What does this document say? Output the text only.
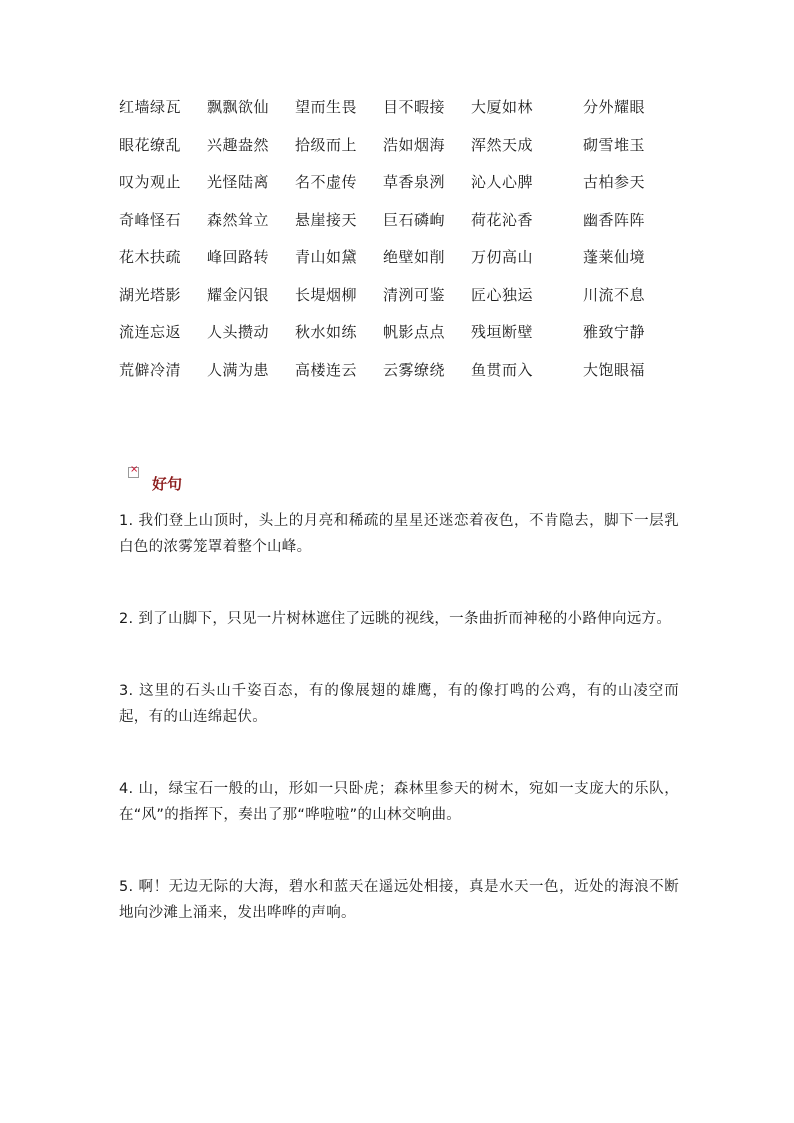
红墙绿瓦 飘飘欲仙 望而生畏 目不暇接 大厦如林	分外耀眼
眼花缭乱 兴趣盎然 拾级而上 浩如烟海 浑然天成	砌雪堆玉
叹为观止 光怪陆离 名不虚传 草香泉洌 沁人心脾	古柏参天
奇峰怪石 森然耸立 悬崖接天 巨石磷峋 荷花沁香	幽香阵阵
花木扶疏 峰回路转 青山如黛 绝壁如削 万仞高山	蓬莱仙境
湖光塔影 耀金闪银 长堤烟柳 清洌可鉴 匠心独运	川流不息
流连忘返 人头攒动 秋水如练 帆影点点 残垣断壁	雅致宁静
荒僻冷清 人满为患 高楼连云 云雾缭绕 鱼贯而入	大饱眼福
×
好句

1. 我们登上山顶时，头上的月亮和稀疏的星星还迷恋着夜色，不肯隐去，脚下一层乳白色的浓雾笼罩着整个山峰。

2. 到了山脚下，只见一片树林遮住了远眺的视线，一条曲折而神秘的小路伸向远方。

3. 这里的石头山千姿百态，有的像展翅的雄鹰，有的像打鸣的公鸡，有的山凌空而起，有的山连绵起伏。

4. 山，绿宝石一般的山，形如一只卧虎；森林里参天的树木，宛如一支庞大的乐队，在“风”的指挥下，奏出了那“哗啦啦”的山林交响曲。

5. 啊！无边无际的大海，碧水和蓝天在遥远处相接，真是水天一色，近处的海浪不断地向沙滩上涌来，发出哗哗的声响。
